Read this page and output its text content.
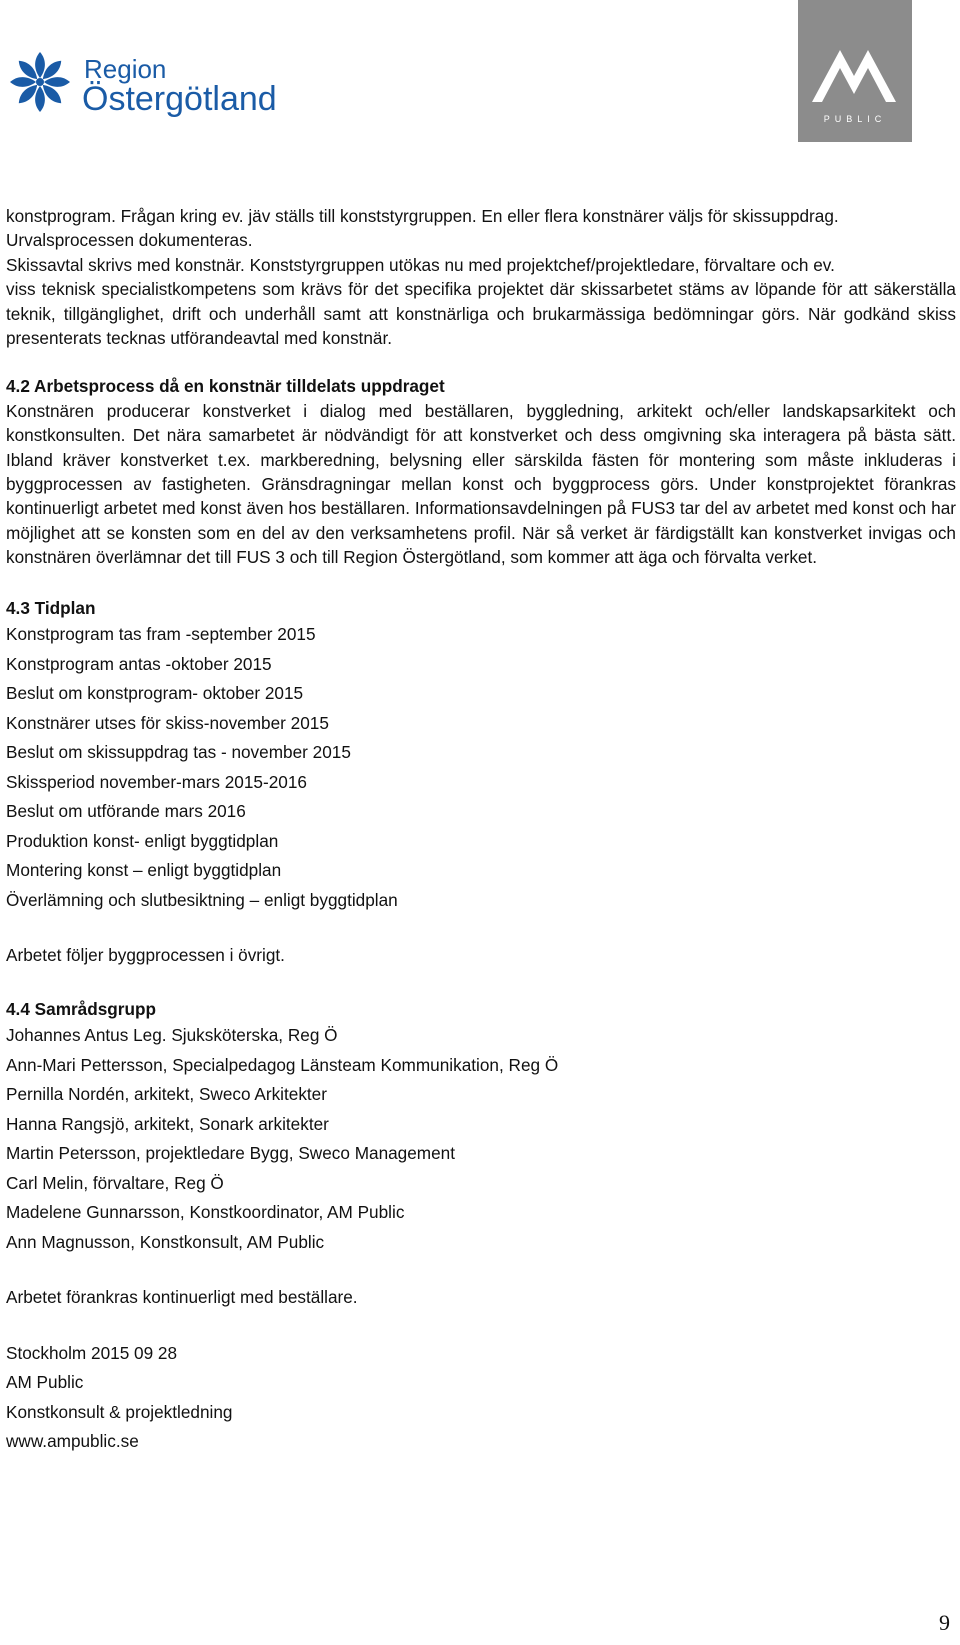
Region
Östergötland
PUBLIC

konstprogram. Frågan kring ev. jäv ställs till konststyrgruppen. En eller flera konstnärer väljs för skissuppdrag.

Urvalsprocessen dokumenteras.

Skissavtal skrivs med konstnär. Konststyrgruppen utökas nu med projektchef/projektledare, förvaltare och ev.

viss teknisk specialistkompetens som krävs för det specifika projektet där skissarbetet stäms av löpande för att säkerställa teknik, tillgänglighet, drift och underhåll samt att konstnärliga och brukarmässiga bedömningar görs. När godkänd skiss presenterats tecknas utförandeavtal med konstnär.

4.2 Arbetsprocess då en konstnär tilldelats uppdraget

Konstnären producerar konstverket i dialog med beställaren, byggledning, arkitekt och/eller landskapsarkitekt och konstkonsulten. Det nära samarbetet är nödvändigt för att konstverket och dess omgivning ska interagera på bästa sätt. Ibland kräver konstverket t.ex. markberedning, belysning eller särskilda fästen för montering som måste inkluderas i byggprocessen av fastigheten. Gränsdragningar mellan konst och byggprocess görs. Under konstprojektet förankras kontinuerligt arbetet med konst även hos beställaren. Informationsavdelningen på FUS3 tar del av arbetet med konst och har möjlighet att se konsten som en del av den verksamhetens profil. När så verket är färdigställt kan konstverket invigas och konstnären överlämnar det till FUS 3 och till Region Östergötland, som kommer att äga och förvalta verket.

4.3 Tidplan

Konstprogram tas fram -september 2015

Konstprogram antas -oktober 2015

Beslut om konstprogram- oktober 2015

Konstnärer utses för skiss-november 2015

Beslut om skissuppdrag tas - november 2015

Skissperiod november-mars 2015-2016

Beslut om utförande mars 2016

Produktion konst- enligt byggtidplan

Montering konst – enligt byggtidplan

Överlämning och slutbesiktning – enligt byggtidplan

Arbetet följer byggprocessen i övrigt.

4.4 Samrådsgrupp

Johannes Antus Leg. Sjuksköterska, Reg Ö

Ann-Mari Pettersson, Specialpedagog Länsteam Kommunikation, Reg Ö

Pernilla Nordén, arkitekt, Sweco Arkitekter

Hanna Rangsjö, arkitekt, Sonark arkitekter

Martin Petersson, projektledare Bygg, Sweco Management

Carl Melin, förvaltare, Reg Ö

Madelene Gunnarsson, Konstkoordinator, AM Public

Ann Magnusson, Konstkonsult, AM Public

Arbetet förankras kontinuerligt med beställare.

Stockholm 2015 09 28

AM Public

Konstkonsult & projektledning

www.ampublic.se

9
